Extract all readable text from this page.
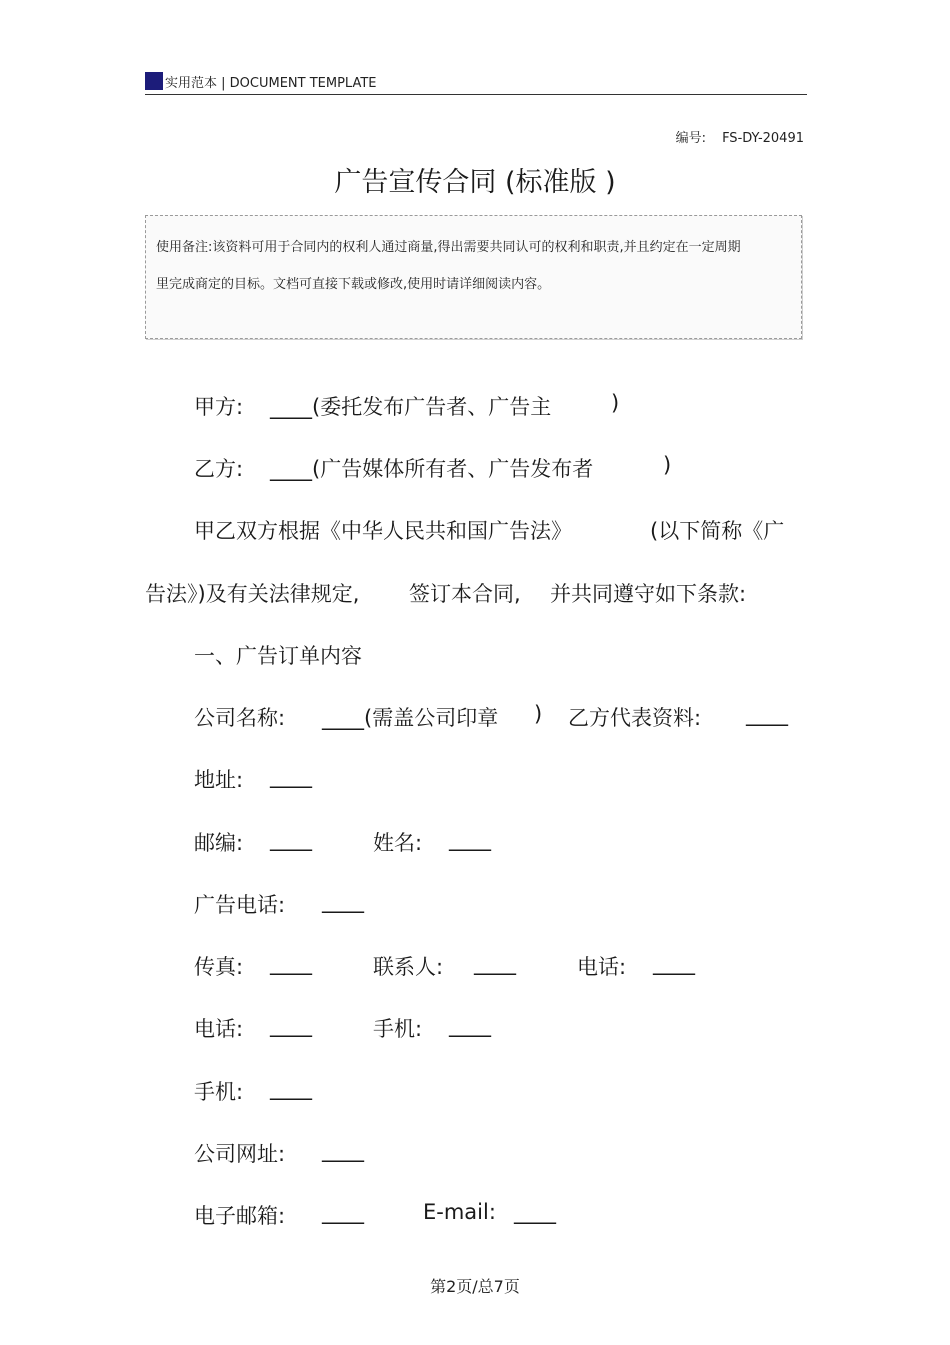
实用范本 | DOCUMENT TEMPLATE
编号: FS-DY-20491
广告宣传合同 (标准版 )
使用备注:该资料可用于合同内的权利人通过商量,得出需要共同认可的权利和职责,并且约定在一定周期里完成商定的目标。文档可直接下载或修改,使用时请详细阅读内容。
甲方: ____(委托发布广告者、广告主	)
乙方: ____(广告媒体所有者、广告发布者	)
甲乙双方根据《中华人民共和国广告法》	(以下简称《广
告法》)及有关法律规定, 签订本合同, 并共同遵守如下条款:
一、广告订单内容
公司名称: ____(需盖公司印章 ) 乙方代表资料: ____
地址: ____
邮编: ____	姓名: ____
广告电话: ____
传真: ____	联系人: ____	电话: ____
电话: ____	手机: ____
手机: ____
公司网址: ____
电子邮箱: ____	E-mail: ____
第2页/总7页
